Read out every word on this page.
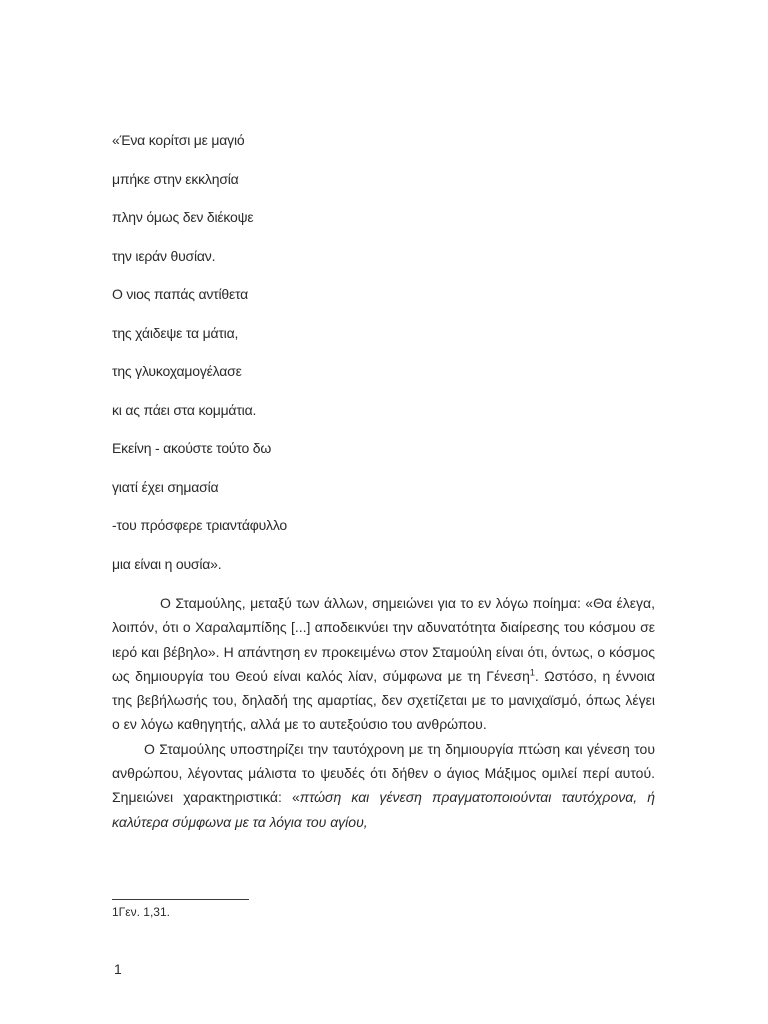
«Ένα κορίτσι με μαγιό
μπήκε στην εκκλησία
πλην όμως δεν διέκοψε
την ιεράν θυσίαν.
Ο νιος παπάς αντίθετα
της χάιδεψε τα μάτια,
της γλυκοχαμογέλασε
κι ας πάει στα κομμάτια.
Εκείνη - ακούστε τούτο δω
γιατί έχει σημασία
-του πρόσφερε τριαντάφυλλο
μια είναι η ουσία».

Ο Σταμούλης, μεταξύ των άλλων, σημειώνει για το εν λόγω ποίημα: «Θα έλεγα, λοιπόν, ότι ο Χαραλαμπίδης [...] αποδεικνύει την αδυνατότητα διαίρεσης του κόσμου σε ιερό και βέβηλο». Η απάντηση εν προκειμένω στον Σταμούλη είναι ότι, όντως, ο κόσμος ως δημιουργία του Θεού είναι καλός λίαν, σύμφωνα με τη Γένεση$^1$. Ωστόσο, η έννοια της βεβήλωσής του, δηλαδή της αμαρτίας, δεν σχετίζεται με το μανιχαϊσμό, όπως λέγει ο εν λόγω καθηγητής, αλλά με το αυτεξούσιο του ανθρώπου.

Ο Σταμούλης υποστηρίζει την ταυτόχρονη με τη δημιουργία πτώση και γένεση του ανθρώπου, λέγοντας μάλιστα το ψευδές ότι δήθεν ο άγιος Μάξιμος ομιλεί περί αυτού. Σημειώνει χαρακτηριστικά: «πτώση και γένεση πραγματοποιούνται ταυτόχρονα, ή καλύτερα σύμφωνα με τα λόγια του αγίου,

1Γεν. 1,31.
1
